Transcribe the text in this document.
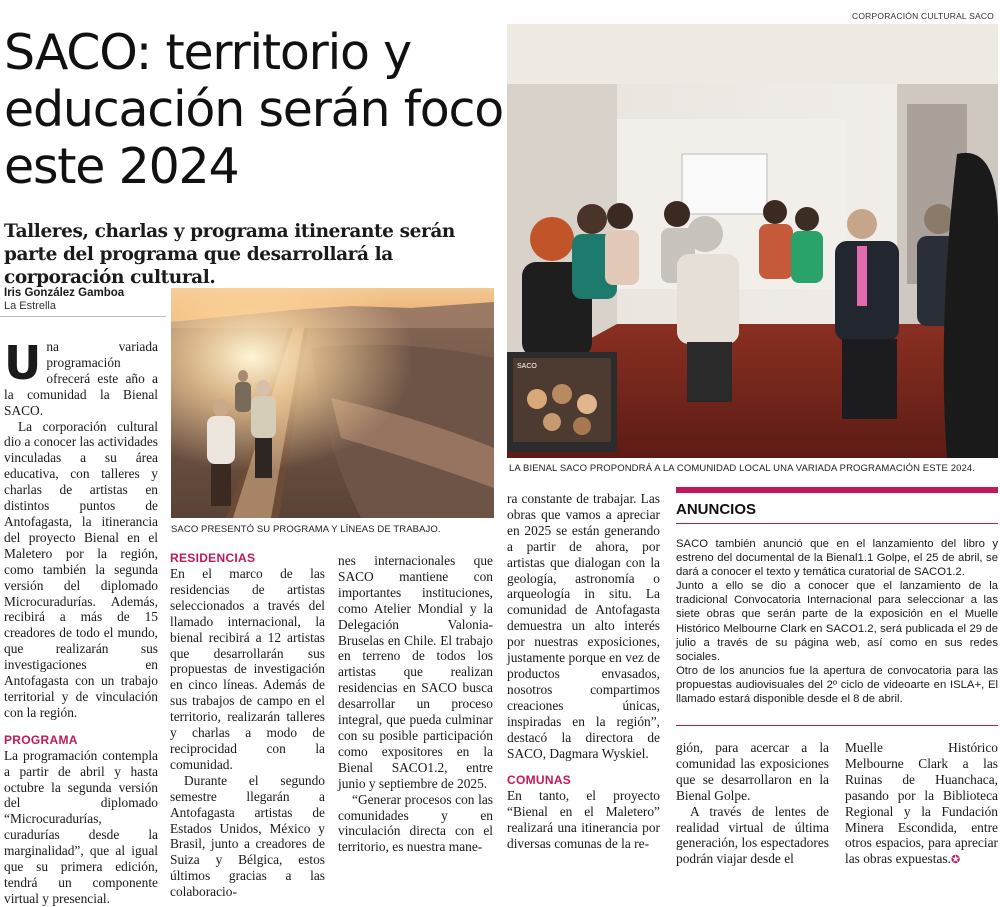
CORPORACIÓN CULTURAL SACO
SACO: territorio y educación serán foco este 2024
Talleres, charlas y programa itinerante serán parte del programa que desarrollará la corporación cultural.
Iris González Gamboa
La Estrella

Una variada programación ofrecerá este año a la comunidad la Bienal SACO.

La corporación cultural dio a conocer las actividades vinculadas a su área educativa, con talleres y charlas de artistas en distintos puntos de Antofagasta, la itinerancia del proyecto Bienal en el Maletero por la región, como también la segunda versión del diplomado Microcuradurías. Además, recibirá a más de 15 creadores de todo el mundo, que realizarán sus investigaciones en Antofagasta con un trabajo territorial y de vinculación con la región.

PROGRAMA

La programación contempla a partir de abril y hasta octubre la segunda versión del diplomado “Microcuradurías, curadurías desde la marginalidad”, que al igual que su primera edición, tendrá un componente virtual y presencial.

SACO PRESENTÓ SU PROGRAMA Y LÍNEAS DE TRABAJO.

RESIDENCIAS

En el marco de las residencias de artistas seleccionados a través del llamado internacional, la bienal recibirá a 12 artistas que desarrollarán sus propuestas de investigación en cinco líneas. Además de sus trabajos de campo en el territorio, realizarán talleres y charlas a modo de reciprocidad con la comunidad.

Durante el segundo semestre llegarán a Antofagasta artistas de Estados Unidos, México y Brasil, junto a creadores de Suiza y Bélgica, estos últimos gracias a las colaboracio-

nes internacionales que SACO mantiene con importantes instituciones, como Atelier Mondial y la Delegación Valonia-Bruselas en Chile. El trabajo en terreno de todos los artistas que realizan residencias en SACO busca desarrollar un proceso integral, que pueda culminar con su posible participación como expositores en la Bienal SACO1.2, entre junio y septiembre de 2025.

“Generar procesos con las comunidades y en vinculación directa con el territorio, es nuestra mane-

SACO
LA BIENAL SACO PROPONDRÁ A LA COMUNIDAD LOCAL UNA VARIADA PROGRAMACIÓN ESTE 2024.

ra constante de trabajar. Las obras que vamos a apreciar en 2025 se están generando a partir de ahora, por artistas que dialogan con la geología, astronomía o arqueología in situ. La comunidad de Antofagasta demuestra un alto interés por nuestras exposiciones, justamente porque en vez de productos envasados, nosotros compartimos creaciones únicas, inspiradas en la región”, destacó la directora de SACO, Dagmara Wyskiel.

COMUNAS

En tanto, el proyecto “Bienal en el Maletero” realizará una itinerancia por diversas comunas de la re-

ANUNCIOS

SACO también anunció que en el lanzamiento del libro y estreno del documental de la Bienal1.1 Golpe, el 25 de abril, se dará a conocer el texto y temática curatorial de SACO1.2.

Junto a ello se dio a conocer que el lanzamiento de la tradicional Convocatoria Internacional para seleccionar a las siete obras que serán parte de la exposición en el Muelle Histórico Melbourne Clark en SACO1.2, será publicada el 29 de julio a través de su página web, así como en sus redes sociales.

Otro de los anuncios fue la apertura de convocatoria para las propuestas audiovisuales del 2º ciclo de videoarte en ISLA+, El llamado estará disponible desde el 8 de abril.

gión, para acercar a la comunidad las exposiciones que se desarrollaron en la Bienal Golpe.

A través de lentes de realidad virtual de última generación, los espectadores podrán viajar desde el

Muelle Histórico Melbourne Clark a las Ruinas de Huanchaca, pasando por la Biblioteca Regional y la Fundación Minera Escondida, entre otros espacios, para apreciar las obras expuestas.✪
